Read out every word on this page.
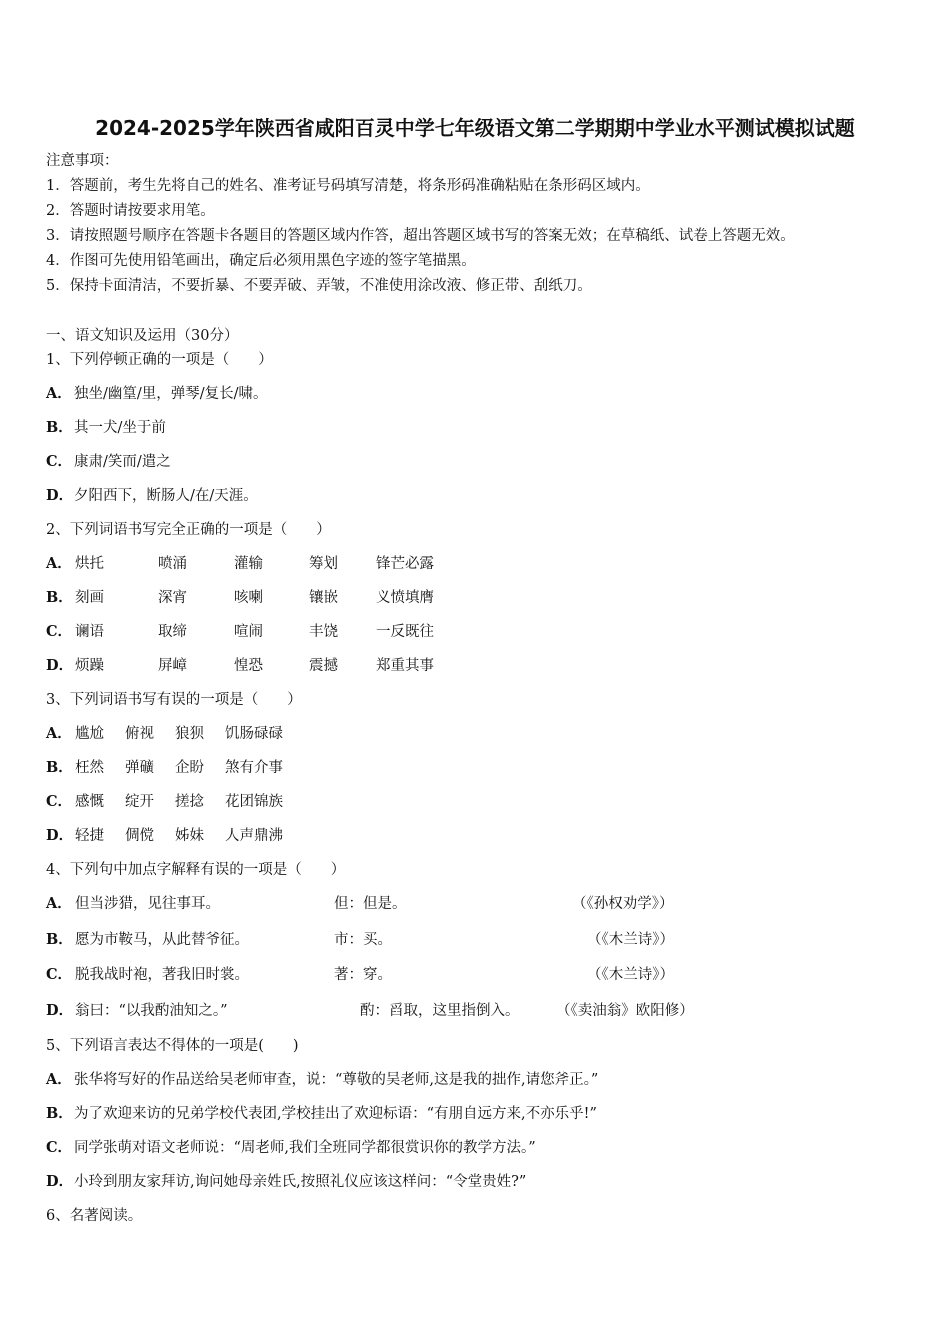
2024-2025学年陕西省咸阳百灵中学七年级语文第二学期期中学业水平测试模拟试题
注意事项：
1．答题前，考生先将自己的姓名、准考证号码填写清楚，将条形码准确粘贴在条形码区域内。
2．答题时请按要求用笔。
3．请按照题号顺序在答题卡各题目的答题区域内作答，超出答题区域书写的答案无效；在草稿纸、试卷上答题无效。
4．作图可先使用铅笔画出，确定后必须用黑色字迹的签字笔描黑。
5．保持卡面清洁，不要折暴、不要弄破、弄皱，不准使用涂改液、修正带、刮纸刀。
一、语文知识及运用（30分）
1、下列停顿正确的一项是（　　）
A． 独坐/幽篁/里，弹琴/复长/啸。
B．其一犬/坐于前
C． 康肃/笑而/遣之
D．夕阳西下，断肠人/在/天涯。
2、下列词语书写完全正确的一项是（　　）
A． 烘托	喷涌	灌输	筹划	锋芒必露
B． 刻画	深宵	咳喇	镶嵌	义愤填膺
C． 谰语	取缔	喧闹	丰饶	一反既往
D． 烦躁	屏嶂	惶恐	震撼	郑重其事
3、下列词语书写有误的一项是（　　）
A． 尴尬 俯视 狼狈 饥肠碌碌
B． 枉然 弹礦 企盼 煞有介事
C． 感慨 绽开 搓捻 花团锦族
D． 轻捷 倜傥 姊妹 人声鼎沸
4、下列句中加点字解释有误的一项是（　　）
A． 但当涉猎，见往事耳。	但：但是。	（《孙权劝学》）
B． 愿为市鞍马，从此替爷征。	市：买。	（《木兰诗》）
C． 脱我战时袍，著我旧时裳。	著：穿。	（《木兰诗》）
D． 翁曰：“以我酌油知之。”	酌：舀取，这里指倒入。	（《卖油翁》欧阳修）
5、下列语言表达不得体的一项是(　　)
A． 张华将写好的作品送给吴老师审查，说：“尊敬的吴老师,这是我的拙作,请您斧正。”
B．为了欢迎来访的兄弟学校代表团,学校挂出了欢迎标语：“有朋自远方来,不亦乐乎!”
C． 同学张萌对语文老师说：“周老师,我们全班同学都很赏识你的教学方法。”
D．小玲到朋友家拜访,询问她母亲姓氏,按照礼仪应该这样问：“令堂贵姓?”
6、名著阅读。
